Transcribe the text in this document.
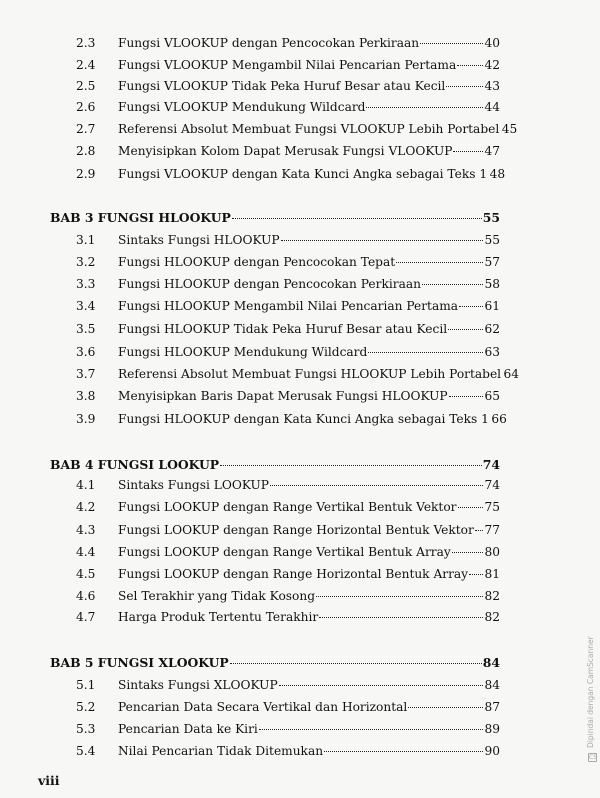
2.3	Fungsi VLOOKUP dengan Pencocokan Perkiraan	40
2.4	Fungsi VLOOKUP Mengambil Nilai Pencarian Pertama 42
2.5	Fungsi VLOOKUP Tidak Peka Huruf Besar atau Kecil	43
2.6	Fungsi VLOOKUP Mendukung Wildcard	44
2.7	Referensi Absolut Membuat Fungsi VLOOKUP Lebih Portabel 45
2.8	Menyisipkan Kolom Dapat Merusak Fungsi VLOOKUP	47
2.9	Fungsi VLOOKUP dengan Kata Kunci Angka sebagai Teks 1 48
BAB 3 FUNGSI HLOOKUP	55
3.1	Sintaks Fungsi HLOOKUP	55
3.2	Fungsi HLOOKUP dengan Pencocokan Tepat	57
3.3	Fungsi HLOOKUP dengan Pencocokan Perkiraan	58
3.4	Fungsi HLOOKUP Mengambil Nilai Pencarian Pertama 61
3.5	Fungsi HLOOKUP Tidak Peka Huruf Besar atau Kecil	62
3.6	Fungsi HLOOKUP Mendukung Wildcard	63
3.7	Referensi Absolut Membuat Fungsi HLOOKUP Lebih Portabel 64
3.8	Menyisipkan Baris Dapat Merusak Fungsi HLOOKUP	65
3.9	Fungsi HLOOKUP dengan Kata Kunci Angka sebagai Teks 1 66
BAB 4 FUNGSI LOOKUP	74
4.1	Sintaks Fungsi LOOKUP	74
4.2	Fungsi LOOKUP dengan Range Vertikal Bentuk Vektor 75
4.3	Fungsi LOOKUP dengan Range Horizontal Bentuk Vektor 77
4.4	Fungsi LOOKUP dengan Range Vertikal Bentuk Array	80
4.5	Fungsi LOOKUP dengan Range Horizontal Bentuk Array 81
4.6	Sel Terakhir yang Tidak Kosong	82
4.7	Harga Produk Tertentu Terakhir	82
BAB 5 FUNGSI XLOOKUP	84
5.1	Sintaks Fungsi XLOOKUP	84
5.2	Pencarian Data Secara Vertikal dan Horizontal	87
5.3	Pencarian Data ke Kiri	89
5.4	Nilai Pencarian Tidak Ditemukan	90
viii
Dipindai dengan CamScanner
CS
